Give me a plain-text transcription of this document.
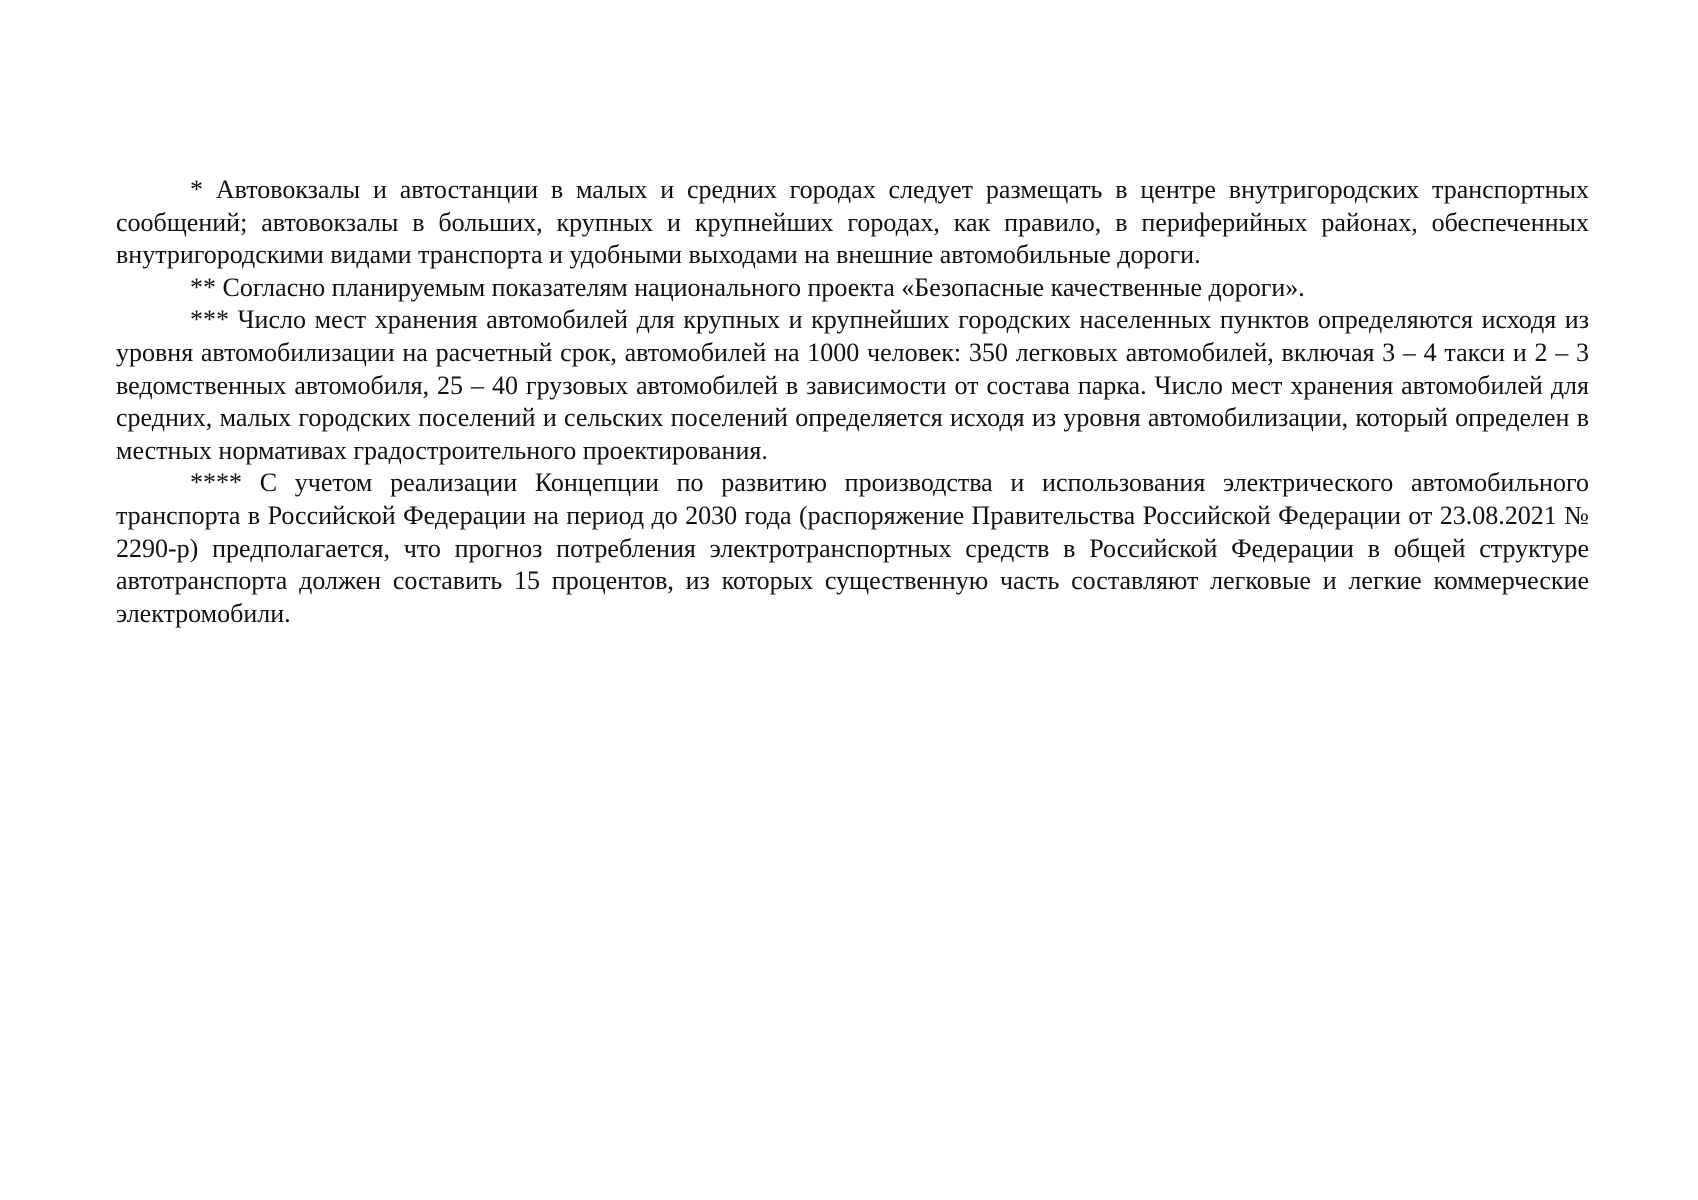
* Автовокзалы и автостанции в малых и средних городах следует размещать в центре внутригородских транспортных сообщений; автовокзалы в больших, крупных и крупнейших городах, как правило, в периферийных районах, обеспеченных внутригородскими видами транспорта и удобными выходами на внешние автомобильные дороги.

** Согласно планируемым показателям национального проекта «Безопасные качественные дороги».

*** Число мест хранения автомобилей для крупных и крупнейших городских населенных пунктов определяются исходя из уровня автомобилизации на расчетный срок, автомобилей на 1000 человек: 350 легковых автомобилей, включая 3 – 4 такси и 2 – 3 ведомственных автомобиля, 25 – 40 грузовых автомобилей в зависимости от состава парка. Число мест хранения автомобилей для средних, малых городских поселений и сельских поселений определяется исходя из уровня автомобилизации, который определен в местных нормативах градостроительного проектирования.

**** С учетом реализации Концепции по развитию производства и использования электрического автомобильного транспорта в Российской Федерации на период до 2030 года (распоряжение Правительства Российской Федерации от 23.08.2021 № 2290-р) предполагается, что прогноз потребления электротранспортных средств в Российской Федерации в общей структуре автотранспорта должен составить 15 процентов, из которых существенную часть составляют легковые и легкие коммерческие электромобили.
